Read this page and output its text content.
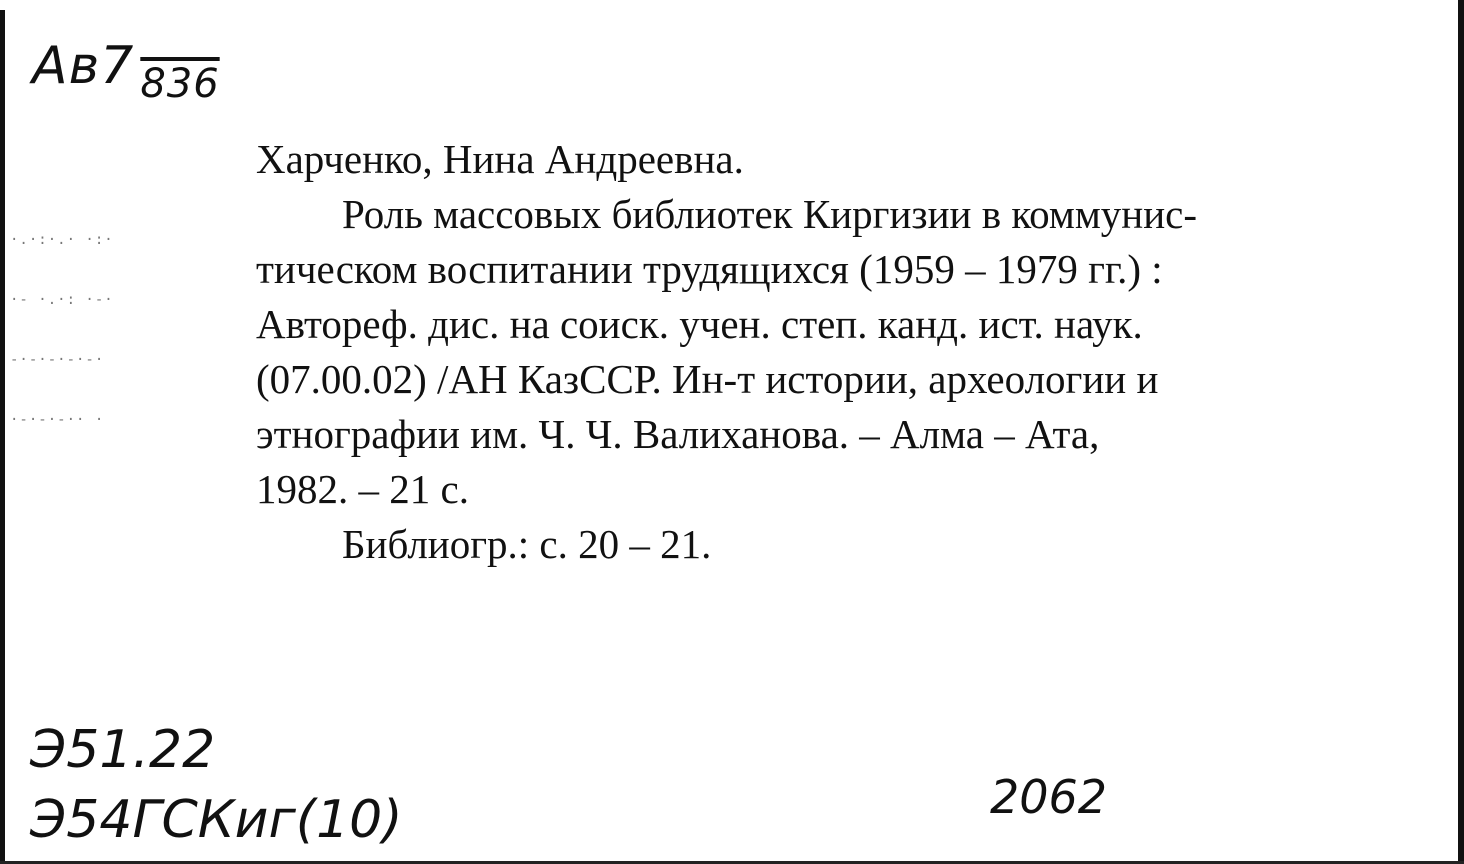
·.·:·.· ·:·
·- ·.·: ·-·
-·-·-·-·-·
·-·-·-·· ·
Ав7 $_{836}$

Харченко, Нина Андреевна.

Роль массовых библиотек Киргизии в коммунис-
тическом воспитании трудящихся (1959 – 1979 гг.) :
Автореф. дис. на соиск. учен. степ. канд. ист. наук.
(07.00.02) /АН КазССР. Ин-т истории, археологии и
этнографии им. Ч. Ч. Валиханова. – Алма – Ата,
1982. – 21 с.

Библиогр.: с. 20 – 21.

Э51.22
Э54ГСКиг(10)	2062
